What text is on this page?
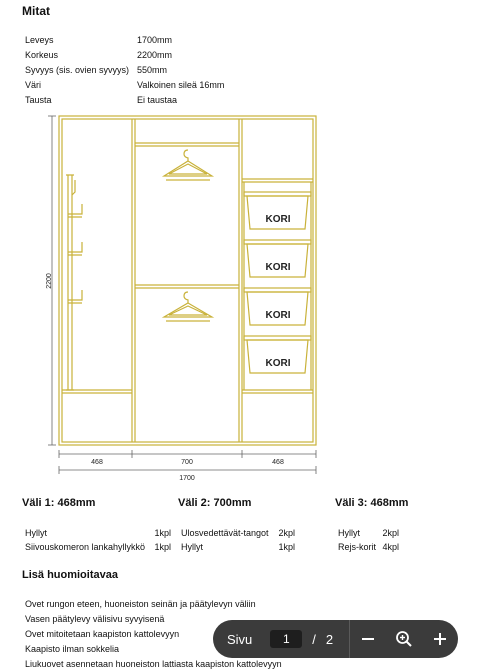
Mitat
Leveys	1700mm
Korkeus	2200mm
Syvyys (sis. ovien syvyys) 550mm
Väri	Valkoinen sileä 16mm
Tausta	Ei taustaa
2200
468	700	468
1700
KORI
KORI
KORI
KORI
Väli 1: 468mm	Väli 2: 700mm	Väli 3: 468mm
Hyllyt	1kpl
Siivouskomeron lankahyllykkö 1kpl
Ulosvedettävät-tangot 2kpl
Hyllyt	1kpl
Hyllyt 2kpl
Rejs-korit 4kpl
Lisä huomioitavaa
Ovet rungon eteen, huoneiston seinän ja päätylevyn väliin
Vasen päätylevy välisivu syvyisenä
Ovet mitoitetaan kaapiston kattolevyyn
Kaapisto ilman sokkelia
Liukuovet asennetaan huoneiston lattiasta kaapiston kattolevyyn
Sivu	1	/ 2
